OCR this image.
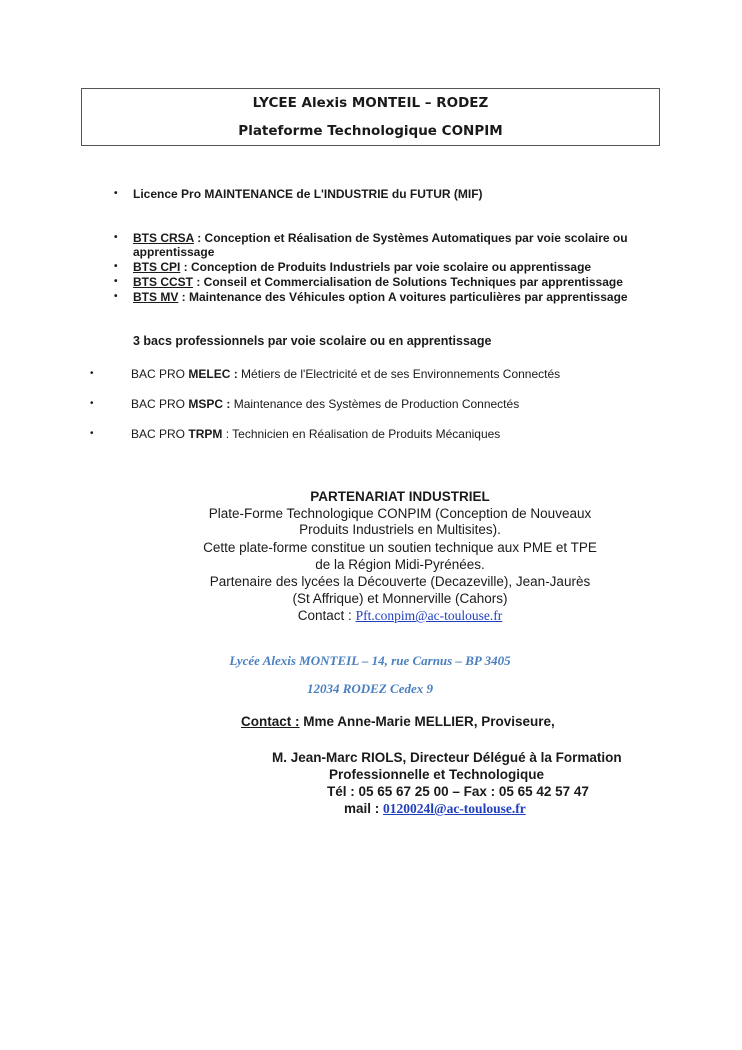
LYCEE Alexis MONTEIL – RODEZ
Plateforme Technologique CONPIM
• Licence Pro MAINTENANCE de L'INDUSTRIE du FUTUR (MIF)
• BTS CRSA : Conception et Réalisation de Systèmes Automatiques par voie scolaire ou
apprentissage
• BTS CPI : Conception de Produits Industriels par voie scolaire ou apprentissage
• BTS CCST : Conseil et Commercialisation de Solutions Techniques par apprentissage
• BTS MV : Maintenance des Véhicules option A voitures particulières par apprentissage
3 bacs professionnels par voie scolaire ou en apprentissage
•	BAC PRO MELEC : Métiers de l'Electricité et de ses Environnements Connectés
•	BAC PRO MSPC : Maintenance des Systèmes de Production Connectés
•	BAC PRO TRPM : Technicien en Réalisation de Produits Mécaniques
PARTENARIAT INDUSTRIEL
Plate-Forme Technologique CONPIM (Conception de Nouveaux
Produits Industriels en Multisites).
Cette plate-forme constitue un soutien technique aux PME et TPE
de la Région Midi-Pyrénées.
Partenaire des lycées la Découverte (Decazeville), Jean-Jaurès
(St Affrique) et Monnerville (Cahors)
Contact : Pft.conpim@ac-toulouse.fr
Lycée Alexis MONTEIL – 14, rue Carnus – BP 3405
12034 RODEZ Cedex 9
Contact : Mme Anne-Marie MELLIER, Proviseure,
M. Jean-Marc RIOLS, Directeur Délégué à la Formation
Professionnelle et Technologique
Tél : 05 65 67 25 00 – Fax : 05 65 42 57 47
mail : 0120024l@ac-toulouse.fr
